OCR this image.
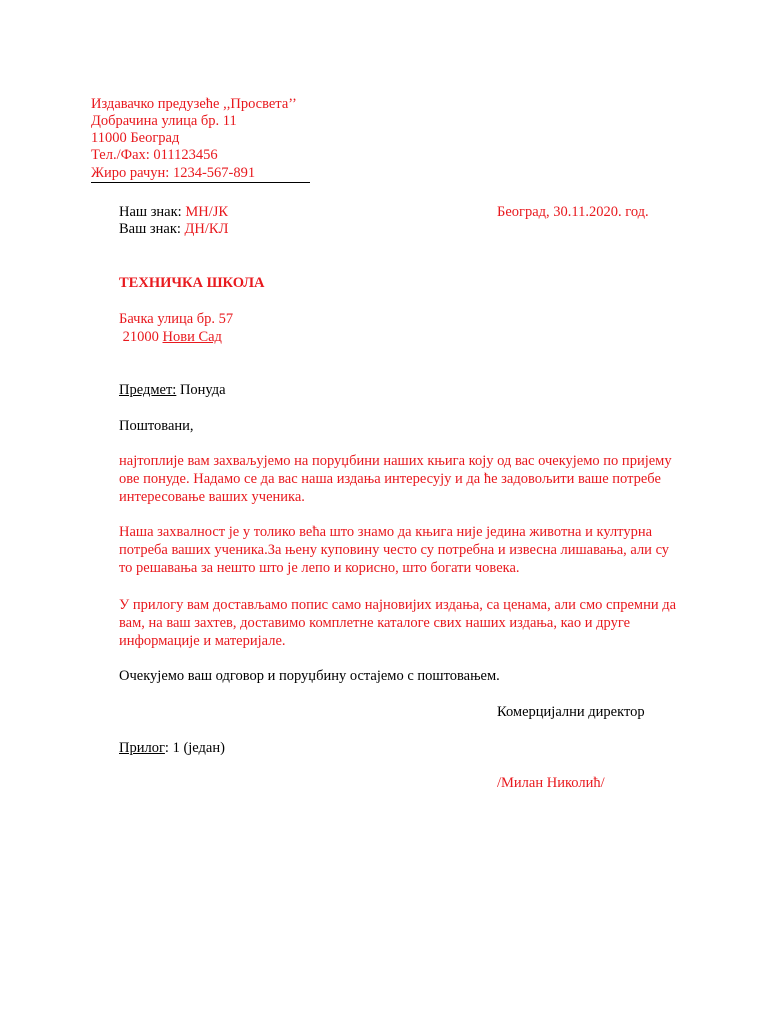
Издавачко предузеће ,,Просвета’’
Добрачина улица бр. 11
11000 Београд
Тел./Фах: 011123456
Жиро рачун: 1234-567-891
Наш знак: МН/ЈК
Ваш знак: ДН/КЛ
Београд, 30.11.2020. год.
ТЕХНИЧКА ШКОЛА
Бачка улица бр. 57
21000 Нови Сад
Предмет: Понуда
Поштовани,
најтоплије вам захваљујемо на поруџбини наших књига коју од вас очекујемо по пријему ове понуде. Надамо се да вас наша издања интересују и да ће задовољити ваше потребе интересовање ваших ученика.
Наша захвалност је у толико већа што знамо да књига није једина животна и културна потреба ваших ученика.За њену куповину често су потребна и извесна лишавања, али су то решавања за нешто што је лепо и корисно, што богати човека.
У прилогу вам достављамо попис само најновијих издања, са ценама, али смо спремни да вам, на ваш захтев, доставимо комплетне каталоге свих наших издања, као и друге информације и материјале.
Очекујемо ваш одговор и поруџбину остајемо с поштовањем.
Комерцијални директор
Прилог: 1 (један)
/Милан Николић/
